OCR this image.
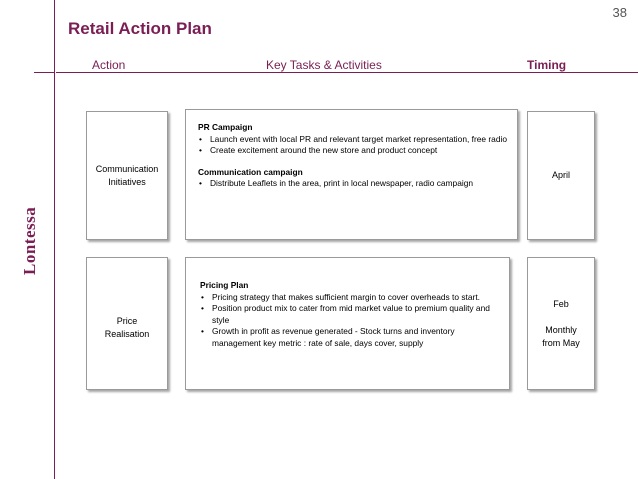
Lontessa
38
Retail Action Plan
Action	Key Tasks & Activities	Timing
Communication
Initiatives
PR Campaign
• Launch event with local PR and relevant target market representation, free radio
• Create excitement around the new store and product concept
Communication campaign
• Distribute Leaflets in the area, print in local newspaper, radio campaign
April
Price
Realisation
Pricing Plan
• Pricing strategy that makes sufficient margin to cover overheads to start.
• Position product mix to cater from mid market value to premium quality and style
• Growth in profit as revenue generated - Stock turns and inventory management key metric : rate of sale, days cover, supply
Feb
Monthly
from May
